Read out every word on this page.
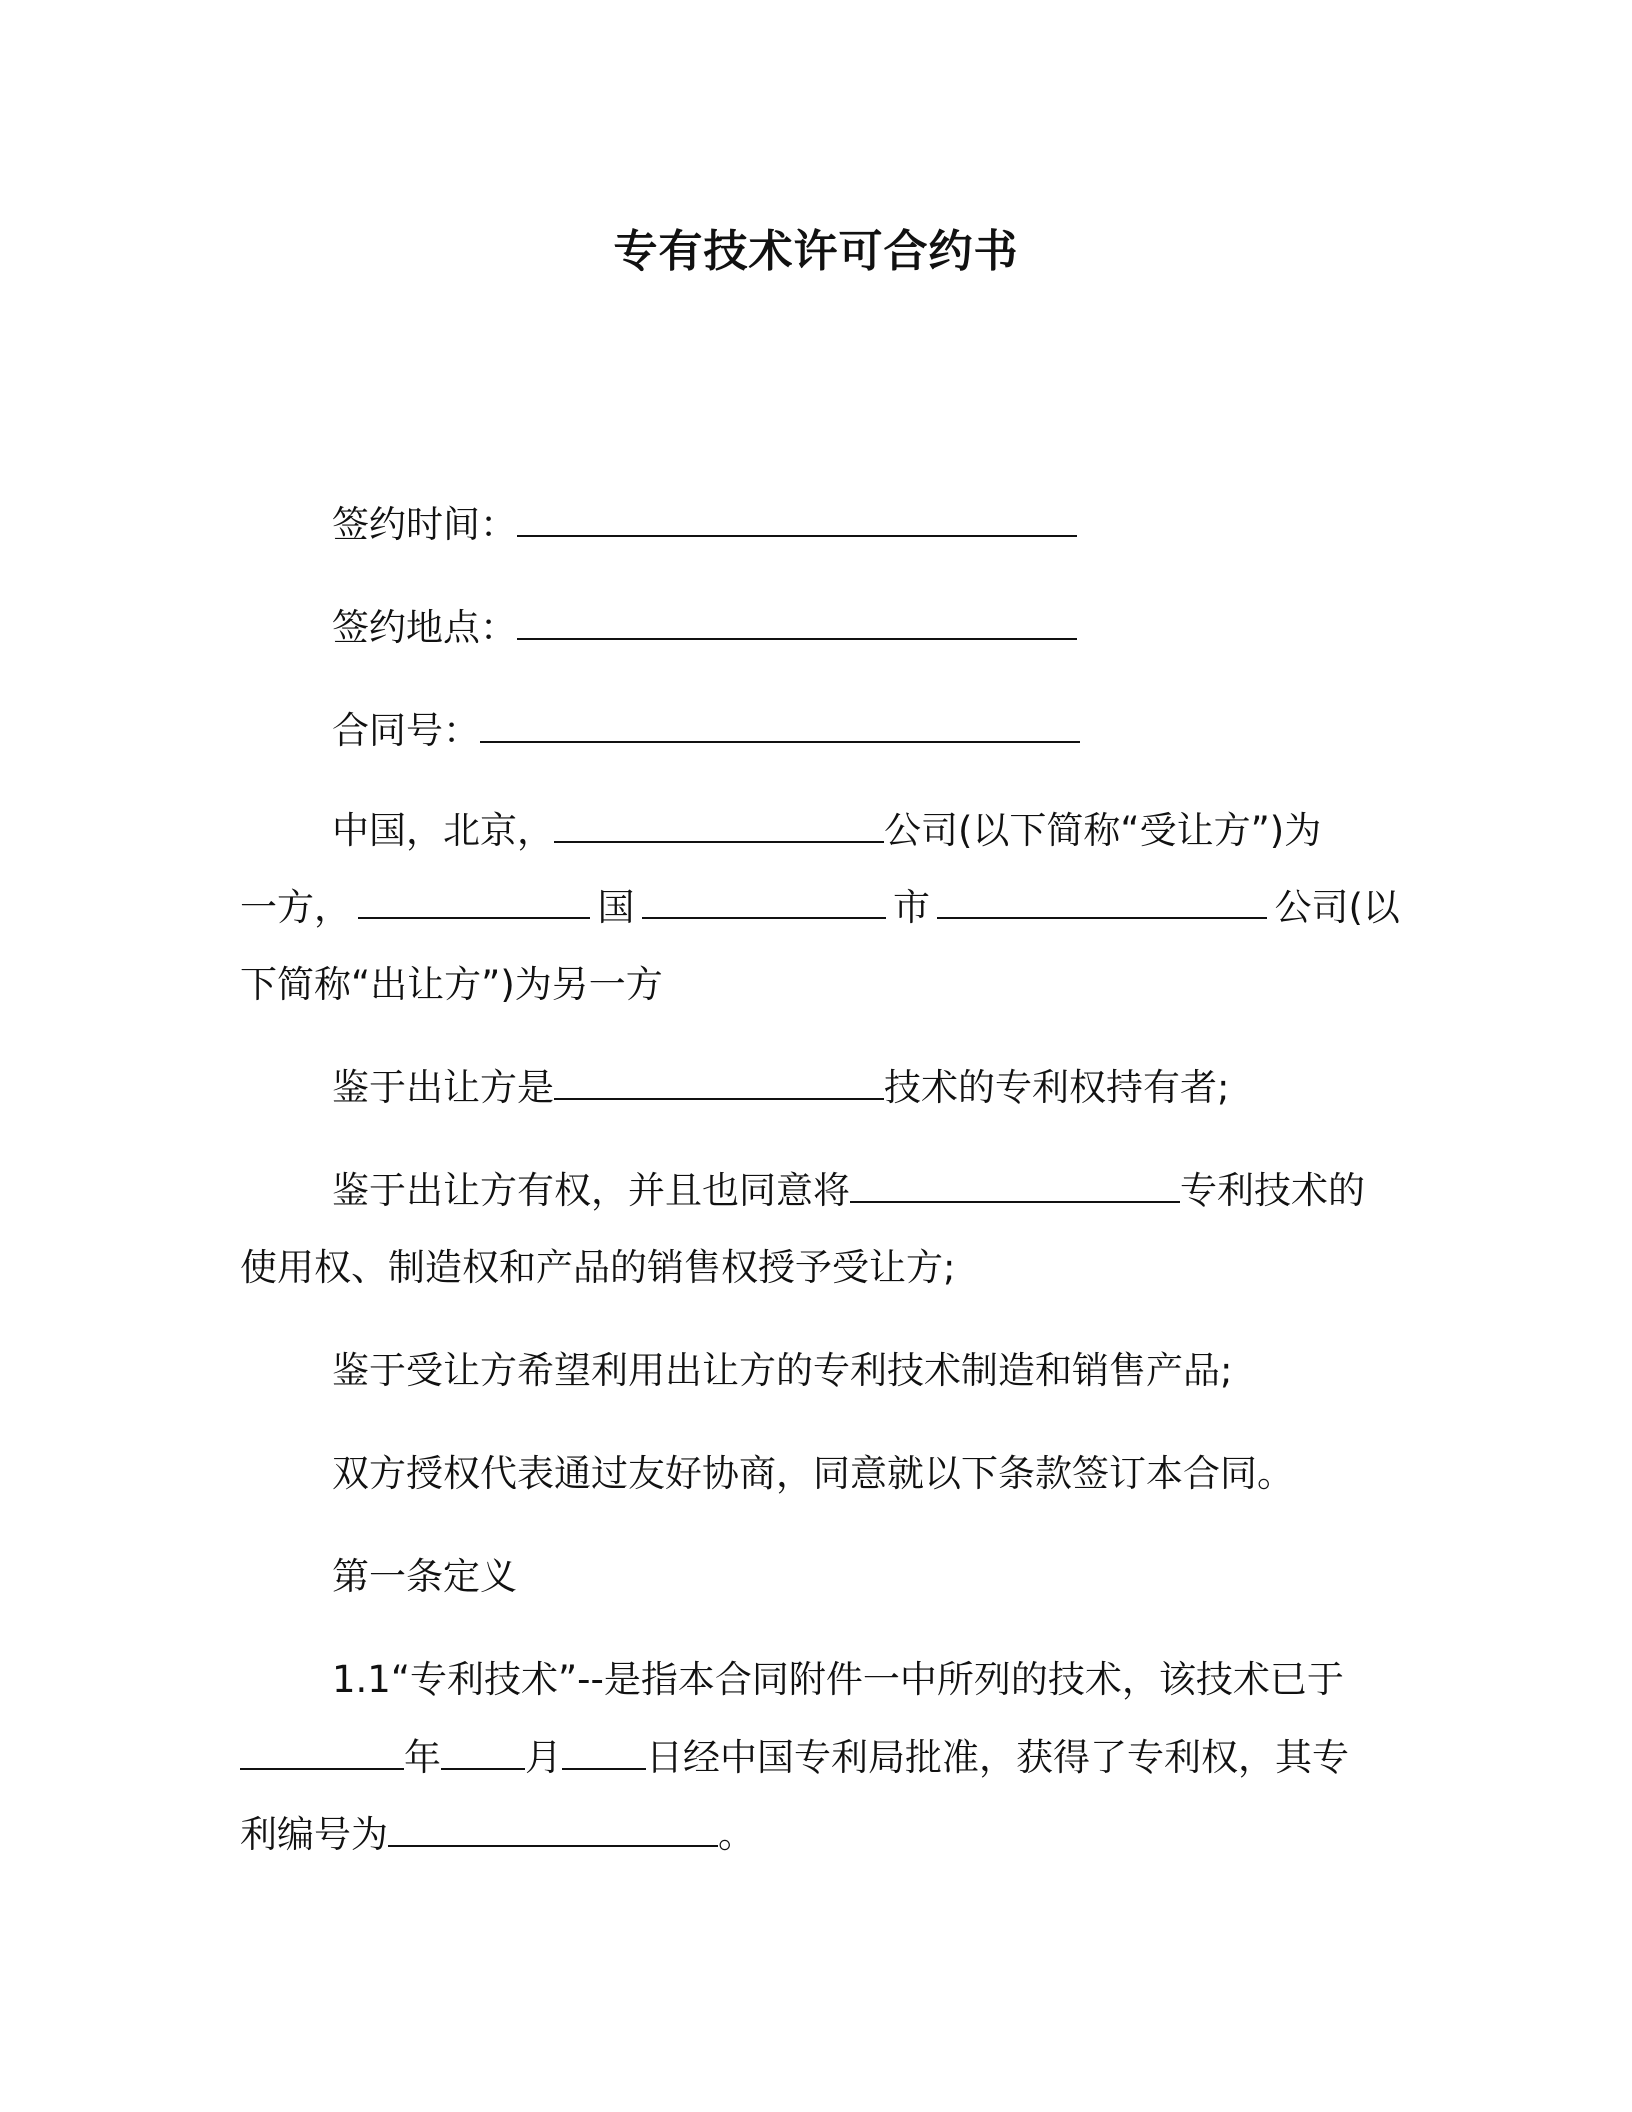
专有技术许可合约书
签约时间：
签约地点：
合同号：
中国，北京，	公司(以下简称“受让方”)为
一方，	国	市	公司(以
下简称“出让方”)为另一方
鉴于出让方是	技术的专利权持有者;
鉴于出让方有权，并且也同意将	专利技术的
使用权、制造权和产品的销售权授予受让方;
鉴于受让方希望利用出让方的专利技术制造和销售产品;
双方授权代表通过友好协商，同意就以下条款签订本合同。
第一条定义
1.1“专利技术”--是指本合同附件一中所列的技术，该技术已于
年 月 日经中国专利局批准，获得了专利权，其专
利编号为	。
